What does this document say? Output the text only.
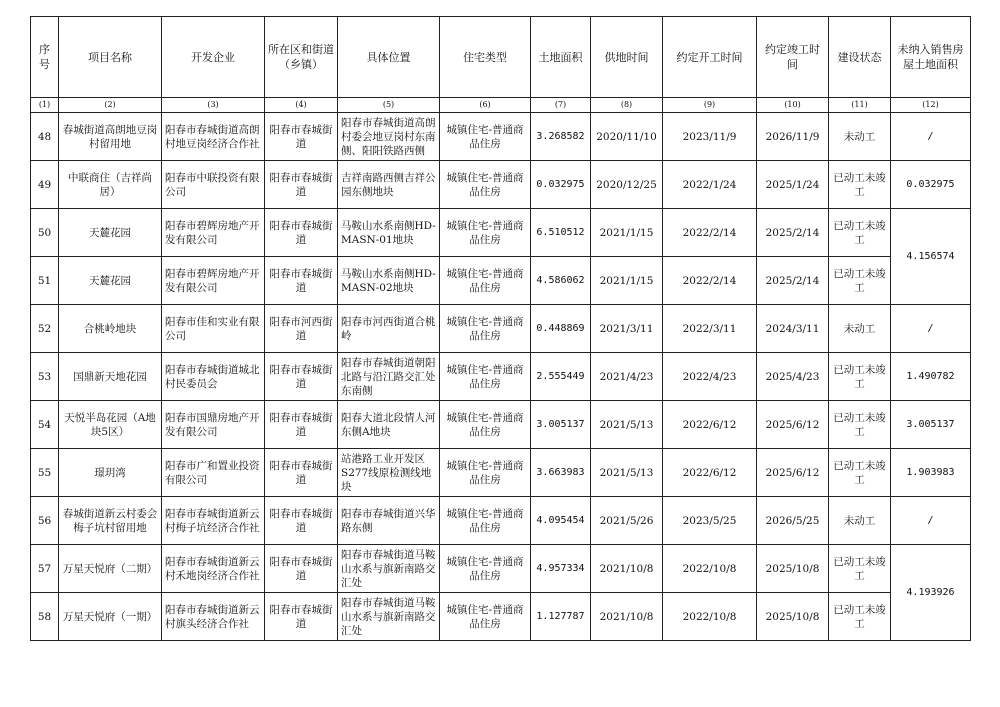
序号	项目名称	开发企业	所在区和街道（乡镇）	具体位置	住宅类型	土地面积	供地时间	约定开工时间	约定竣工时间	建设状态	未纳入销售房屋土地面积
(1)	(2)	(3)	(4)	(5)	(6)	(7)	(8)	(9)	(10)	(11)	(12)
48	春城街道高朗地豆岗村留用地	阳春市春城街道高朗村地豆岗经济合作社	阳春市春城街道	阳春市春城街道高朗村委会地豆岗村东南侧、阳阳铁路西侧	城镇住宅-普通商品住房	3.268582	2020/11/10	2023/11/9	2026/11/9	未动工	/
49	中联商住（吉祥尚居）	阳春市中联投资有限公司	阳春市春城街道	吉祥南路西侧吉祥公园东侧地块	城镇住宅-普通商品住房	0.032975	2020/12/25	2022/1/24	2025/1/24	已动工未竣工	0.032975
50	天麓花园	阳春市碧辉房地产开发有限公司	阳春市春城街道	马鞍山水系南侧HD-MASN-01地块	城镇住宅-普通商品住房	6.510512	2021/1/15	2022/2/14	2025/2/14	已动工未竣工	4.156574
51	天麓花园	阳春市碧辉房地产开发有限公司	阳春市春城街道	马鞍山水系南侧HD-MASN-02地块	城镇住宅-普通商品住房	4.586062	2021/1/15	2022/2/14	2025/2/14	已动工未竣工	
52	合桃岭地块	阳春市佳和实业有限公司	阳春市河西街道	阳春市河西街道合桃岭	城镇住宅-普通商品住房	0.448869	2021/3/11	2022/3/11	2024/3/11	未动工	/
53	国鼎新天地花园	阳春市春城街道城北村民委员会	阳春市春城街道	阳春市春城街道朝阳北路与沿江路交汇处东南侧	城镇住宅-普通商品住房	2.555449	2021/4/23	2022/4/23	2025/4/23	已动工未竣工	1.490782
54	天悦半岛花园（A地块5区）	阳春市国鼎房地产开发有限公司	阳春市春城街道	阳春大道北段情人河东侧A地块	城镇住宅-普通商品住房	3.005137	2021/5/13	2022/6/12	2025/6/12	已动工未竣工	3.005137
55	璟玥湾	阳春市广和置业投资有限公司	阳春市春城街道	站港路工业开发区S277线原检测线地块	城镇住宅-普通商品住房	3.663983	2021/5/13	2022/6/12	2025/6/12	已动工未竣工	1.903983
56	春城街道新云村委会梅子坑村留用地	阳春市春城街道新云村梅子坑经济合作社	阳春市春城街道	阳春市春城街道兴华路东侧	城镇住宅-普通商品住房	4.095454	2021/5/26	2023/5/25	2026/5/25	未动工	/
57	万星天悦府（二期）	阳春市春城街道新云村禾地岗经济合作社	阳春市春城街道	阳春市春城街道马鞍山水系与旗新南路交汇处	城镇住宅-普通商品住房	4.957334	2021/10/8	2022/10/8	2025/10/8	已动工未竣工	4.193926
58	万星天悦府（一期）	阳春市春城街道新云村旗头经济合作社	阳春市春城街道	阳春市春城街道马鞍山水系与旗新南路交汇处	城镇住宅-普通商品住房	1.127787	2021/10/8	2022/10/8	2025/10/8	已动工未竣工	
